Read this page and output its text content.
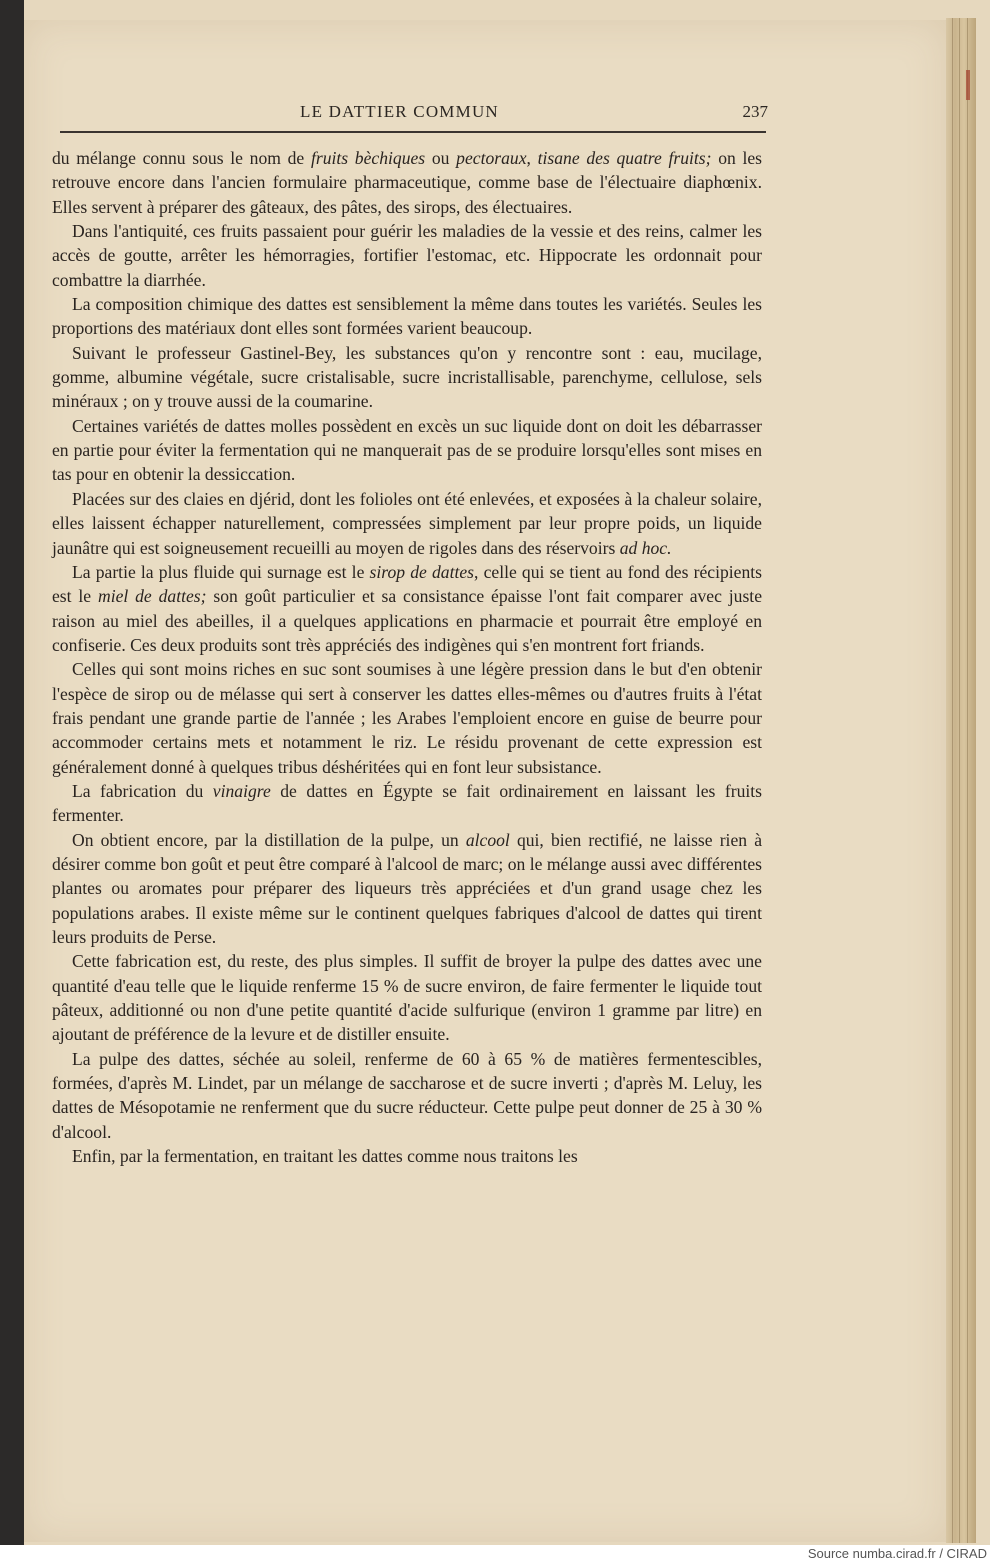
LE DATTIER COMMUN	237

du mélange connu sous le nom de fruits bèchiques ou pectoraux, tisane des quatre fruits; on les retrouve encore dans l'ancien formulaire pharmaceutique, comme base de l'électuaire diaphœnix. Elles servent à préparer des gâteaux, des pâtes, des sirops, des électuaires.

Dans l'antiquité, ces fruits passaient pour guérir les maladies de la vessie et des reins, calmer les accès de goutte, arrêter les hémorragies, fortifier l'estomac, etc. Hippocrate les ordonnait pour combattre la diarrhée.

La composition chimique des dattes est sensiblement la même dans toutes les variétés. Seules les proportions des matériaux dont elles sont formées varient beaucoup.

Suivant le professeur Gastinel-Bey, les substances qu'on y rencontre sont : eau, mucilage, gomme, albumine végétale, sucre cristalisable, sucre incristallisable, parenchyme, cellulose, sels minéraux ; on y trouve aussi de la coumarine.

Certaines variétés de dattes molles possèdent en excès un suc liquide dont on doit les débarrasser en partie pour éviter la fermentation qui ne manquerait pas de se produire lorsqu'elles sont mises en tas pour en obtenir la dessiccation.

Placées sur des claies en djérid, dont les folioles ont été enlevées, et exposées à la chaleur solaire, elles laissent échapper naturellement, compressées simplement par leur propre poids, un liquide jaunâtre qui est soigneusement recueilli au moyen de rigoles dans des réservoirs ad hoc.

La partie la plus fluide qui surnage est le sirop de dattes, celle qui se tient au fond des récipients est le miel de dattes; son goût particulier et sa consistance épaisse l'ont fait comparer avec juste raison au miel des abeilles, il a quelques applications en pharmacie et pourrait être employé en confiserie. Ces deux produits sont très appréciés des indigènes qui s'en montrent fort friands.

Celles qui sont moins riches en suc sont soumises à une légère pression dans le but d'en obtenir l'espèce de sirop ou de mélasse qui sert à conserver les dattes elles-mêmes ou d'autres fruits à l'état frais pendant une grande partie de l'année ; les Arabes l'emploient encore en guise de beurre pour accommoder certains mets et notamment le riz. Le résidu provenant de cette expression est généralement donné à quelques tribus déshéritées qui en font leur subsistance.

La fabrication du vinaigre de dattes en Égypte se fait ordinairement en laissant les fruits fermenter.

On obtient encore, par la distillation de la pulpe, un alcool qui, bien rectifié, ne laisse rien à désirer comme bon goût et peut être comparé à l'alcool de marc; on le mélange aussi avec différentes plantes ou aromates pour préparer des liqueurs très appréciées et d'un grand usage chez les populations arabes. Il existe même sur le continent quelques fabriques d'alcool de dattes qui tirent leurs produits de Perse.

Cette fabrication est, du reste, des plus simples. Il suffit de broyer la pulpe des dattes avec une quantité d'eau telle que le liquide renferme 15 % de sucre environ, de faire fermenter le liquide tout pâteux, additionné ou non d'une petite quantité d'acide sulfurique (environ 1 gramme par litre) en ajoutant de préférence de la levure et de distiller ensuite.

La pulpe des dattes, séchée au soleil, renferme de 60 à 65 % de matières fermentescibles, formées, d'après M. Lindet, par un mélange de saccharose et de sucre inverti ; d'après M. Leluy, les dattes de Mésopotamie ne renferment que du sucre réducteur. Cette pulpe peut donner de 25 à 30 % d'alcool.

Enfin, par la fermentation, en traitant les dattes comme nous traitons les

Source numba.cirad.fr / CIRAD
